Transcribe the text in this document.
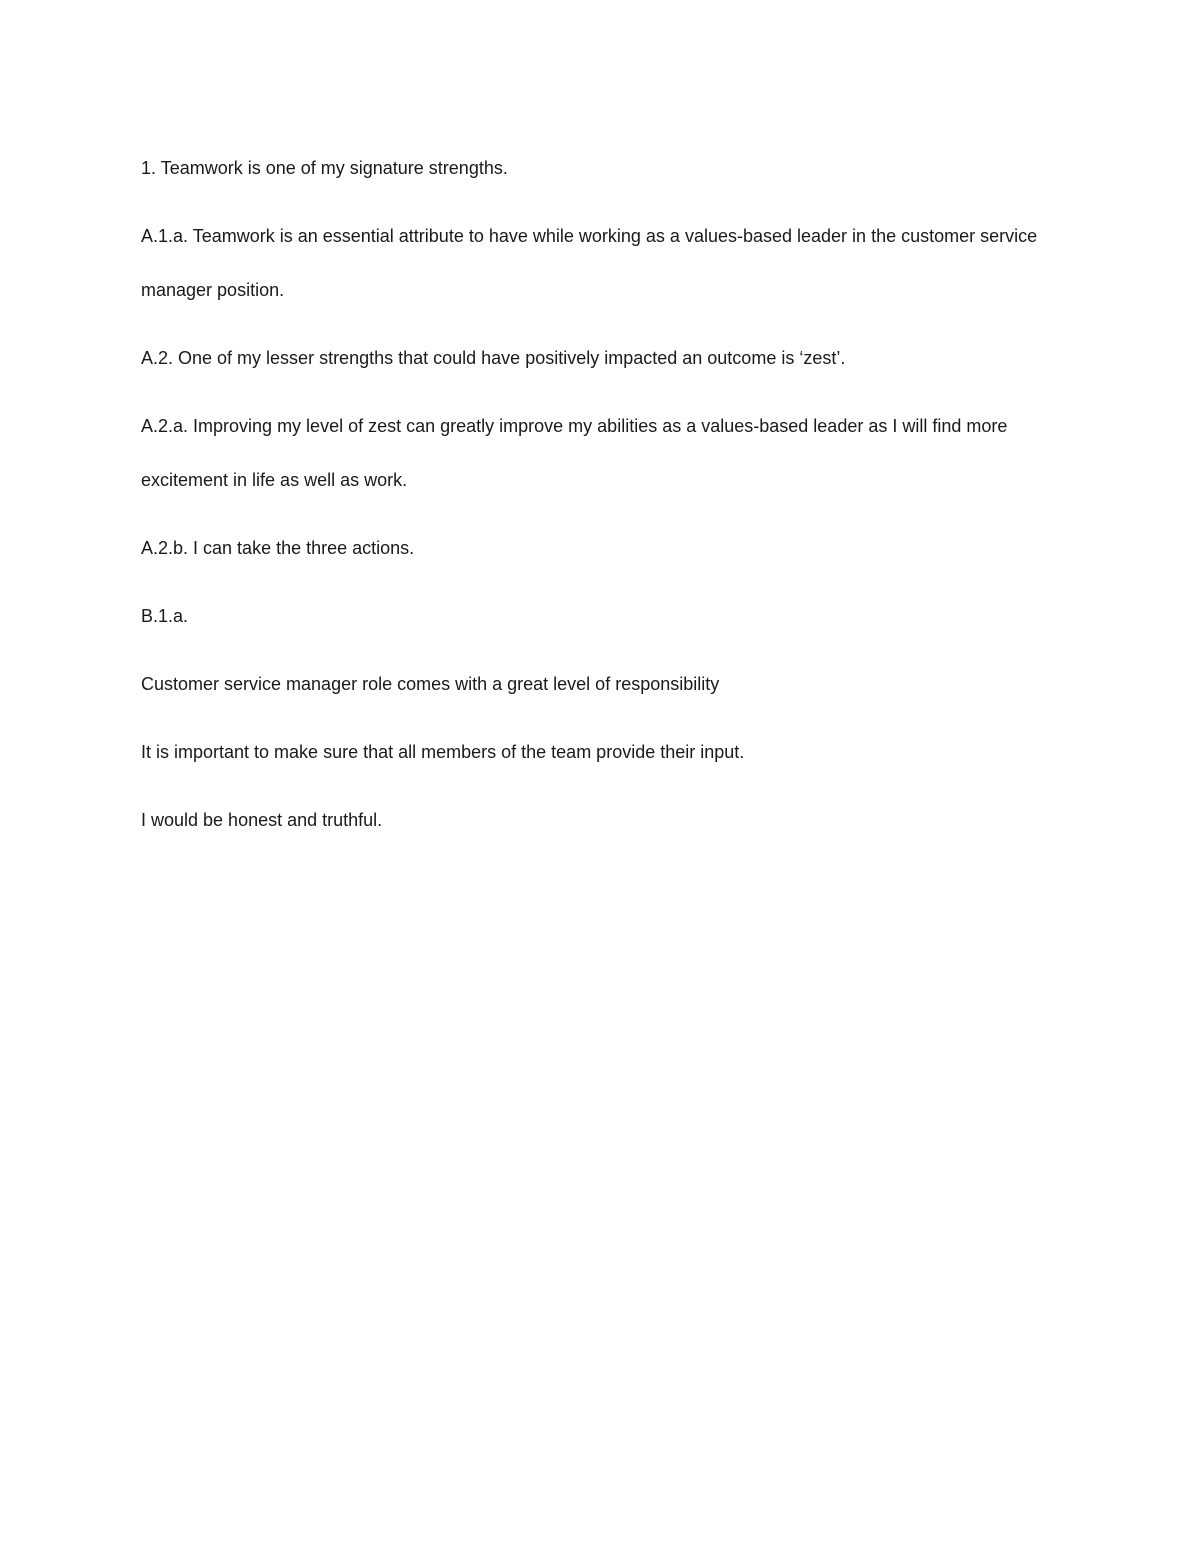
1. Teamwork is one of my signature strengths.

A.1.a. Teamwork is an essential attribute to have while working as a values-based leader in the customer service manager position.

A.2. One of my lesser strengths that could have positively impacted an outcome is ‘zest’.

A.2.a. Improving my level of zest can greatly improve my abilities as a values-based leader as I will find more excitement in life as well as work.

A.2.b. I can take the three actions.

B.1.a.

Customer service manager role comes with a great level of responsibility

It is important to make sure that all members of the team provide their input.

I would be honest and truthful.
